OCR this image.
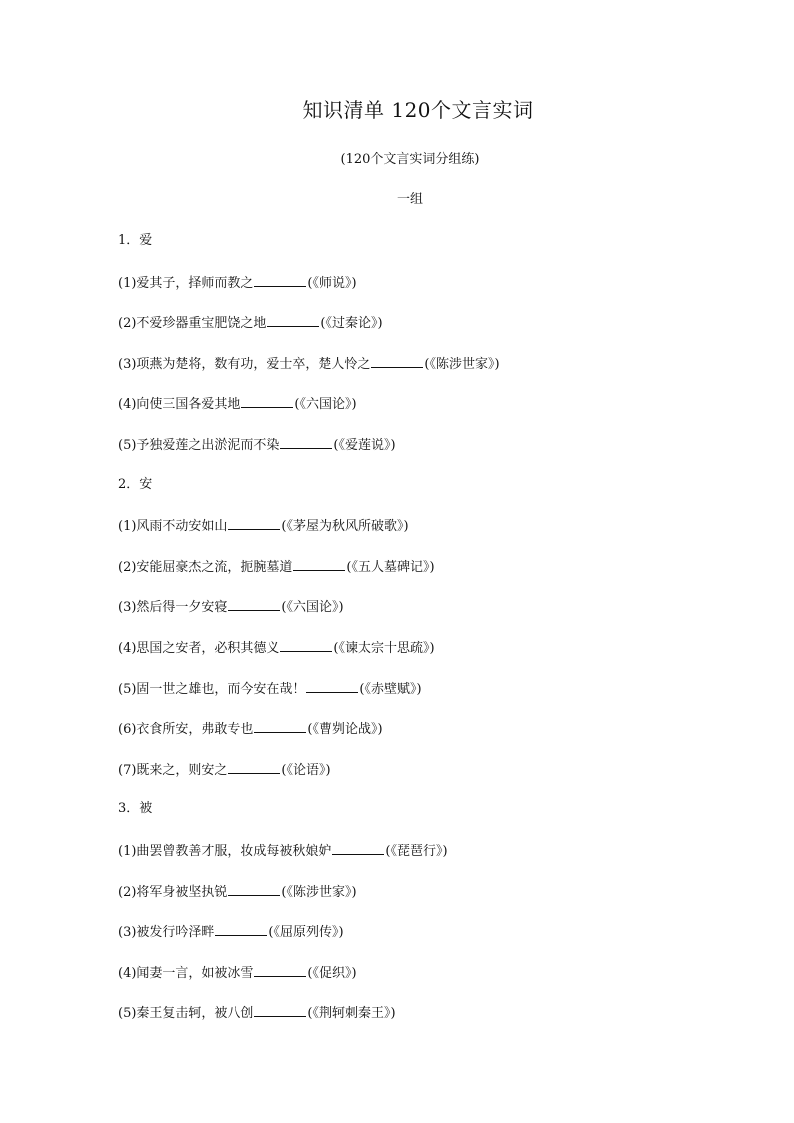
知识清单 120个文言实词
(120个文言实词分组练)
一组
1．爱
(1)爱其子，择师而教之	(《师说》)
(2)不爱珍器重宝肥饶之地	(《过秦论》)
(3)项燕为楚将，数有功，爱士卒，楚人怜之	(《陈涉世家》)
(4)向使三国各爱其地	(《六国论》)
(5)予独爱莲之出淤泥而不染	(《爱莲说》)
2．安
(1)风雨不动安如山	(《茅屋为秋风所破歌》)
(2)安能屈豪杰之流，扼腕墓道	(《五人墓碑记》)
(3)然后得一夕安寝	(《六国论》)
(4)思国之安者，必积其德义	(《谏太宗十思疏》)
(5)固一世之雄也，而今安在哉！	(《赤壁赋》)
(6)衣食所安，弗敢专也	(《曹刿论战》)
(7)既来之，则安之	(《论语》)
3．被
(1)曲罢曾教善才服，妆成每被秋娘妒	(《琵琶行》)
(2)将军身被坚执锐	(《陈涉世家》)
(3)被发行吟泽畔	(《屈原列传》)
(4)闻妻一言，如被冰雪	(《促织》)
(5)秦王复击轲，被八创	(《荆轲刺秦王》)
